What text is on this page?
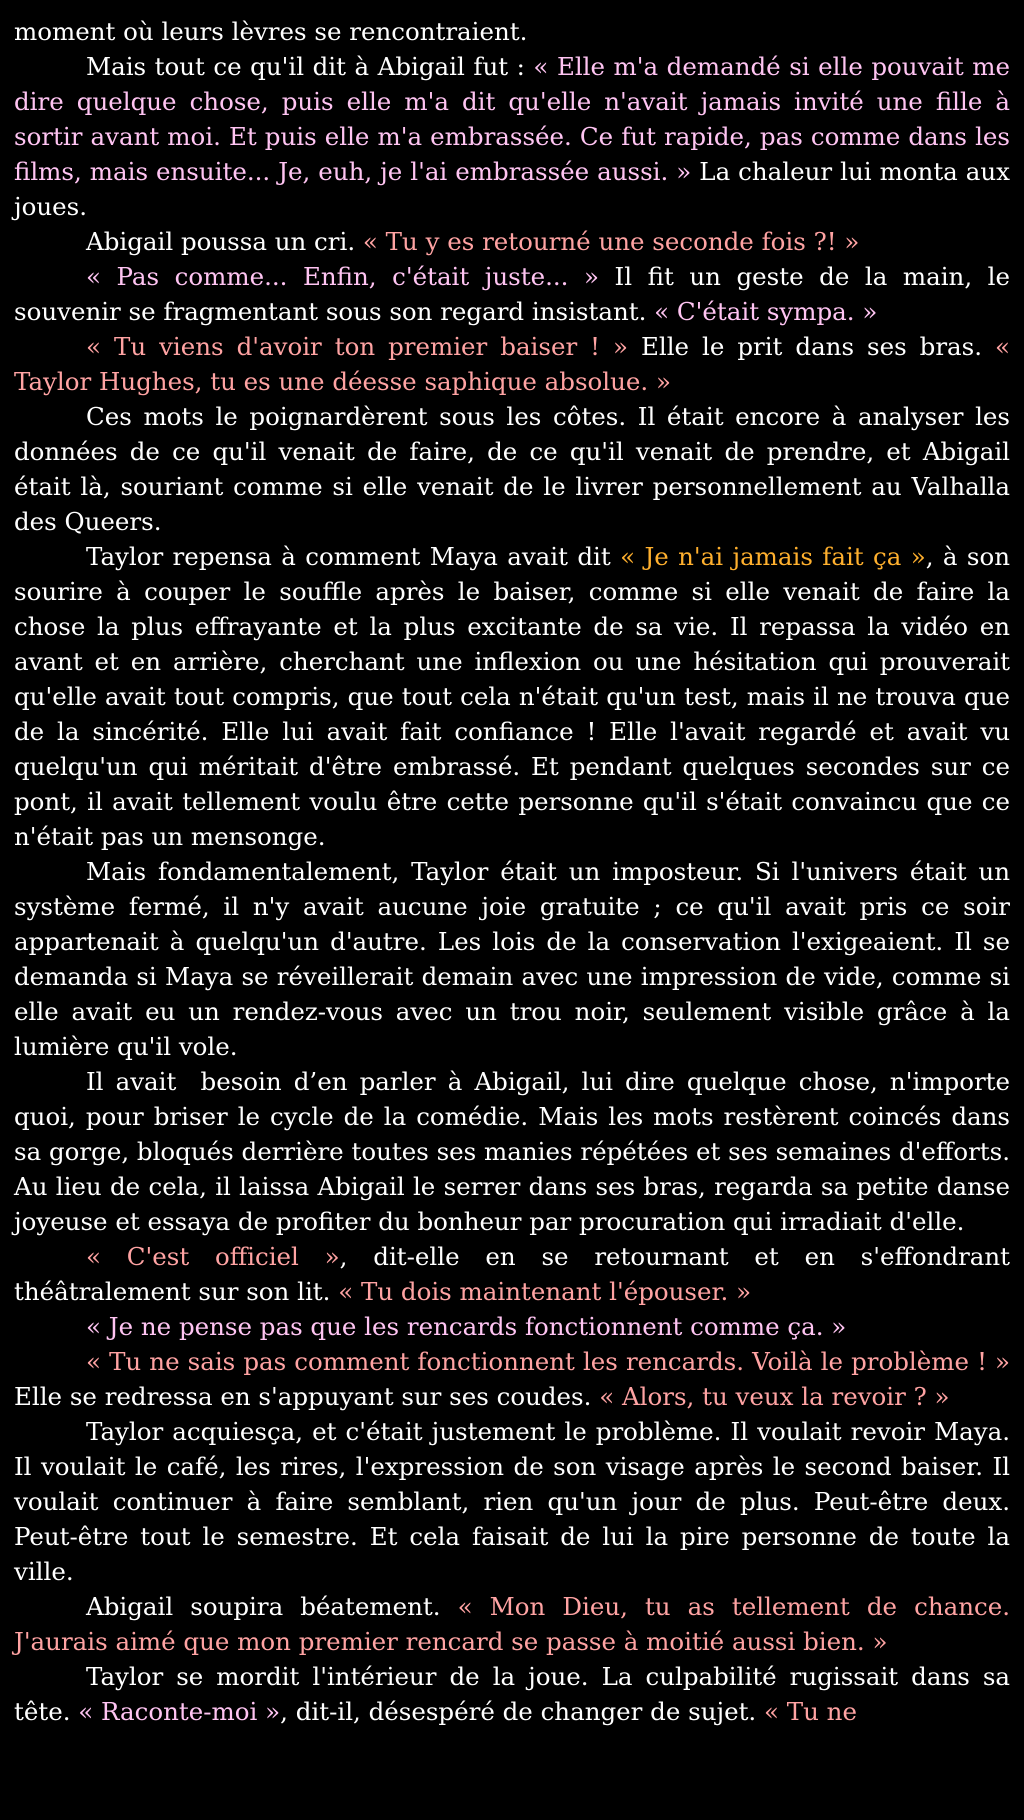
moment où leurs lèvres se rencontraient.

Mais tout ce qu'il dit à Abigail fut : « Elle m'a demandé si elle pouvait me dire quelque chose, puis elle m'a dit qu'elle n'avait jamais invité une fille à sortir avant moi. Et puis elle m'a embrassée. Ce fut rapide, pas comme dans les films, mais ensuite... Je, euh, je l'ai embrassée aussi. » La chaleur lui monta aux joues.

Abigail poussa un cri. « Tu y es retourné une seconde fois ?! »

« Pas comme... Enfin, c'était juste... » Il fit un geste de la main, le souvenir se fragmentant sous son regard insistant. « C'était sympa. »

« Tu viens d'avoir ton premier baiser ! » Elle le prit dans ses bras. « Taylor Hughes, tu es une déesse saphique absolue. »

Ces mots le poignardèrent sous les côtes. Il était encore à analyser les données de ce qu'il venait de faire, de ce qu'il venait de prendre, et Abigail était là, souriant comme si elle venait de le livrer personnellement au Valhalla des Queers.

Taylor repensa à comment Maya avait dit « Je n'ai jamais fait ça », à son sourire à couper le souffle après le baiser, comme si elle venait de faire la chose la plus effrayante et la plus excitante de sa vie. Il repassa la vidéo en avant et en arrière, cherchant une inflexion ou une hésitation qui prouverait qu'elle avait tout compris, que tout cela n'était qu'un test, mais il ne trouva que de la sincérité. Elle lui avait fait confiance ! Elle l'avait regardé et avait vu quelqu'un qui méritait d'être embrassé. Et pendant quelques secondes sur ce pont, il avait tellement voulu être cette personne qu'il s'était convaincu que ce n'était pas un mensonge.

Mais fondamentalement, Taylor était un imposteur. Si l'univers était un système fermé, il n'y avait aucune joie gratuite ; ce qu'il avait pris ce soir appartenait à quelqu'un d'autre. Les lois de la conservation l'exigeaient. Il se demanda si Maya se réveillerait demain avec une impression de vide, comme si elle avait eu un rendez-vous avec un trou noir, seulement visible grâce à la lumière qu'il vole.

Il avait  besoin d’en parler à Abigail, lui dire quelque chose, n'importe quoi, pour briser le cycle de la comédie. Mais les mots restèrent coincés dans sa gorge, bloqués derrière toutes ses manies répétées et ses semaines d'efforts. Au lieu de cela, il laissa Abigail le serrer dans ses bras, regarda sa petite danse joyeuse et essaya de profiter du bonheur par procuration qui irradiait d'elle.

« C'est officiel », dit-elle en se retournant et en s'effondrant théâtralement sur son lit. « Tu dois maintenant l'épouser. »

« Je ne pense pas que les rencards fonctionnent comme ça. »

« Tu ne sais pas comment fonctionnent les rencards. Voilà le problème ! » Elle se redressa en s'appuyant sur ses coudes. « Alors, tu veux la revoir ? »

Taylor acquiesça, et c'était justement le problème. Il voulait revoir Maya. Il voulait le café, les rires, l'expression de son visage après le second baiser. Il voulait continuer à faire semblant, rien qu'un jour de plus. Peut-être deux. Peut-être tout le semestre. Et cela faisait de lui la pire personne de toute la ville.

Abigail soupira béatement. « Mon Dieu, tu as tellement de chance. J'aurais aimé que mon premier rencard se passe à moitié aussi bien. »

Taylor se mordit l'intérieur de la joue. La culpabilité rugissait dans sa tête. « Raconte-moi », dit-il, désespéré de changer de sujet. « Tu ne
